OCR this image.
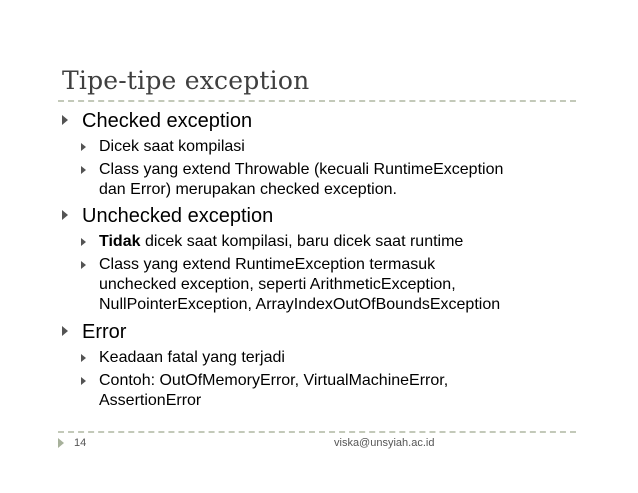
Tipe-tipe exception
Checked exception
Dicek saat kompilasi
Class yang extend Throwable (kecuali RuntimeException
dan Error) merupakan checked exception.
Unchecked exception
Tidak dicek saat kompilasi, baru dicek saat runtime
Class yang extend RuntimeException termasuk
unchecked exception, seperti ArithmeticException,
NullPointerException, ArrayIndexOutOfBoundsException
Error
Keadaan fatal yang terjadi
Contoh: OutOfMemoryError, VirtualMachineError,
AssertionError
14	viska@unsyiah.ac.id
